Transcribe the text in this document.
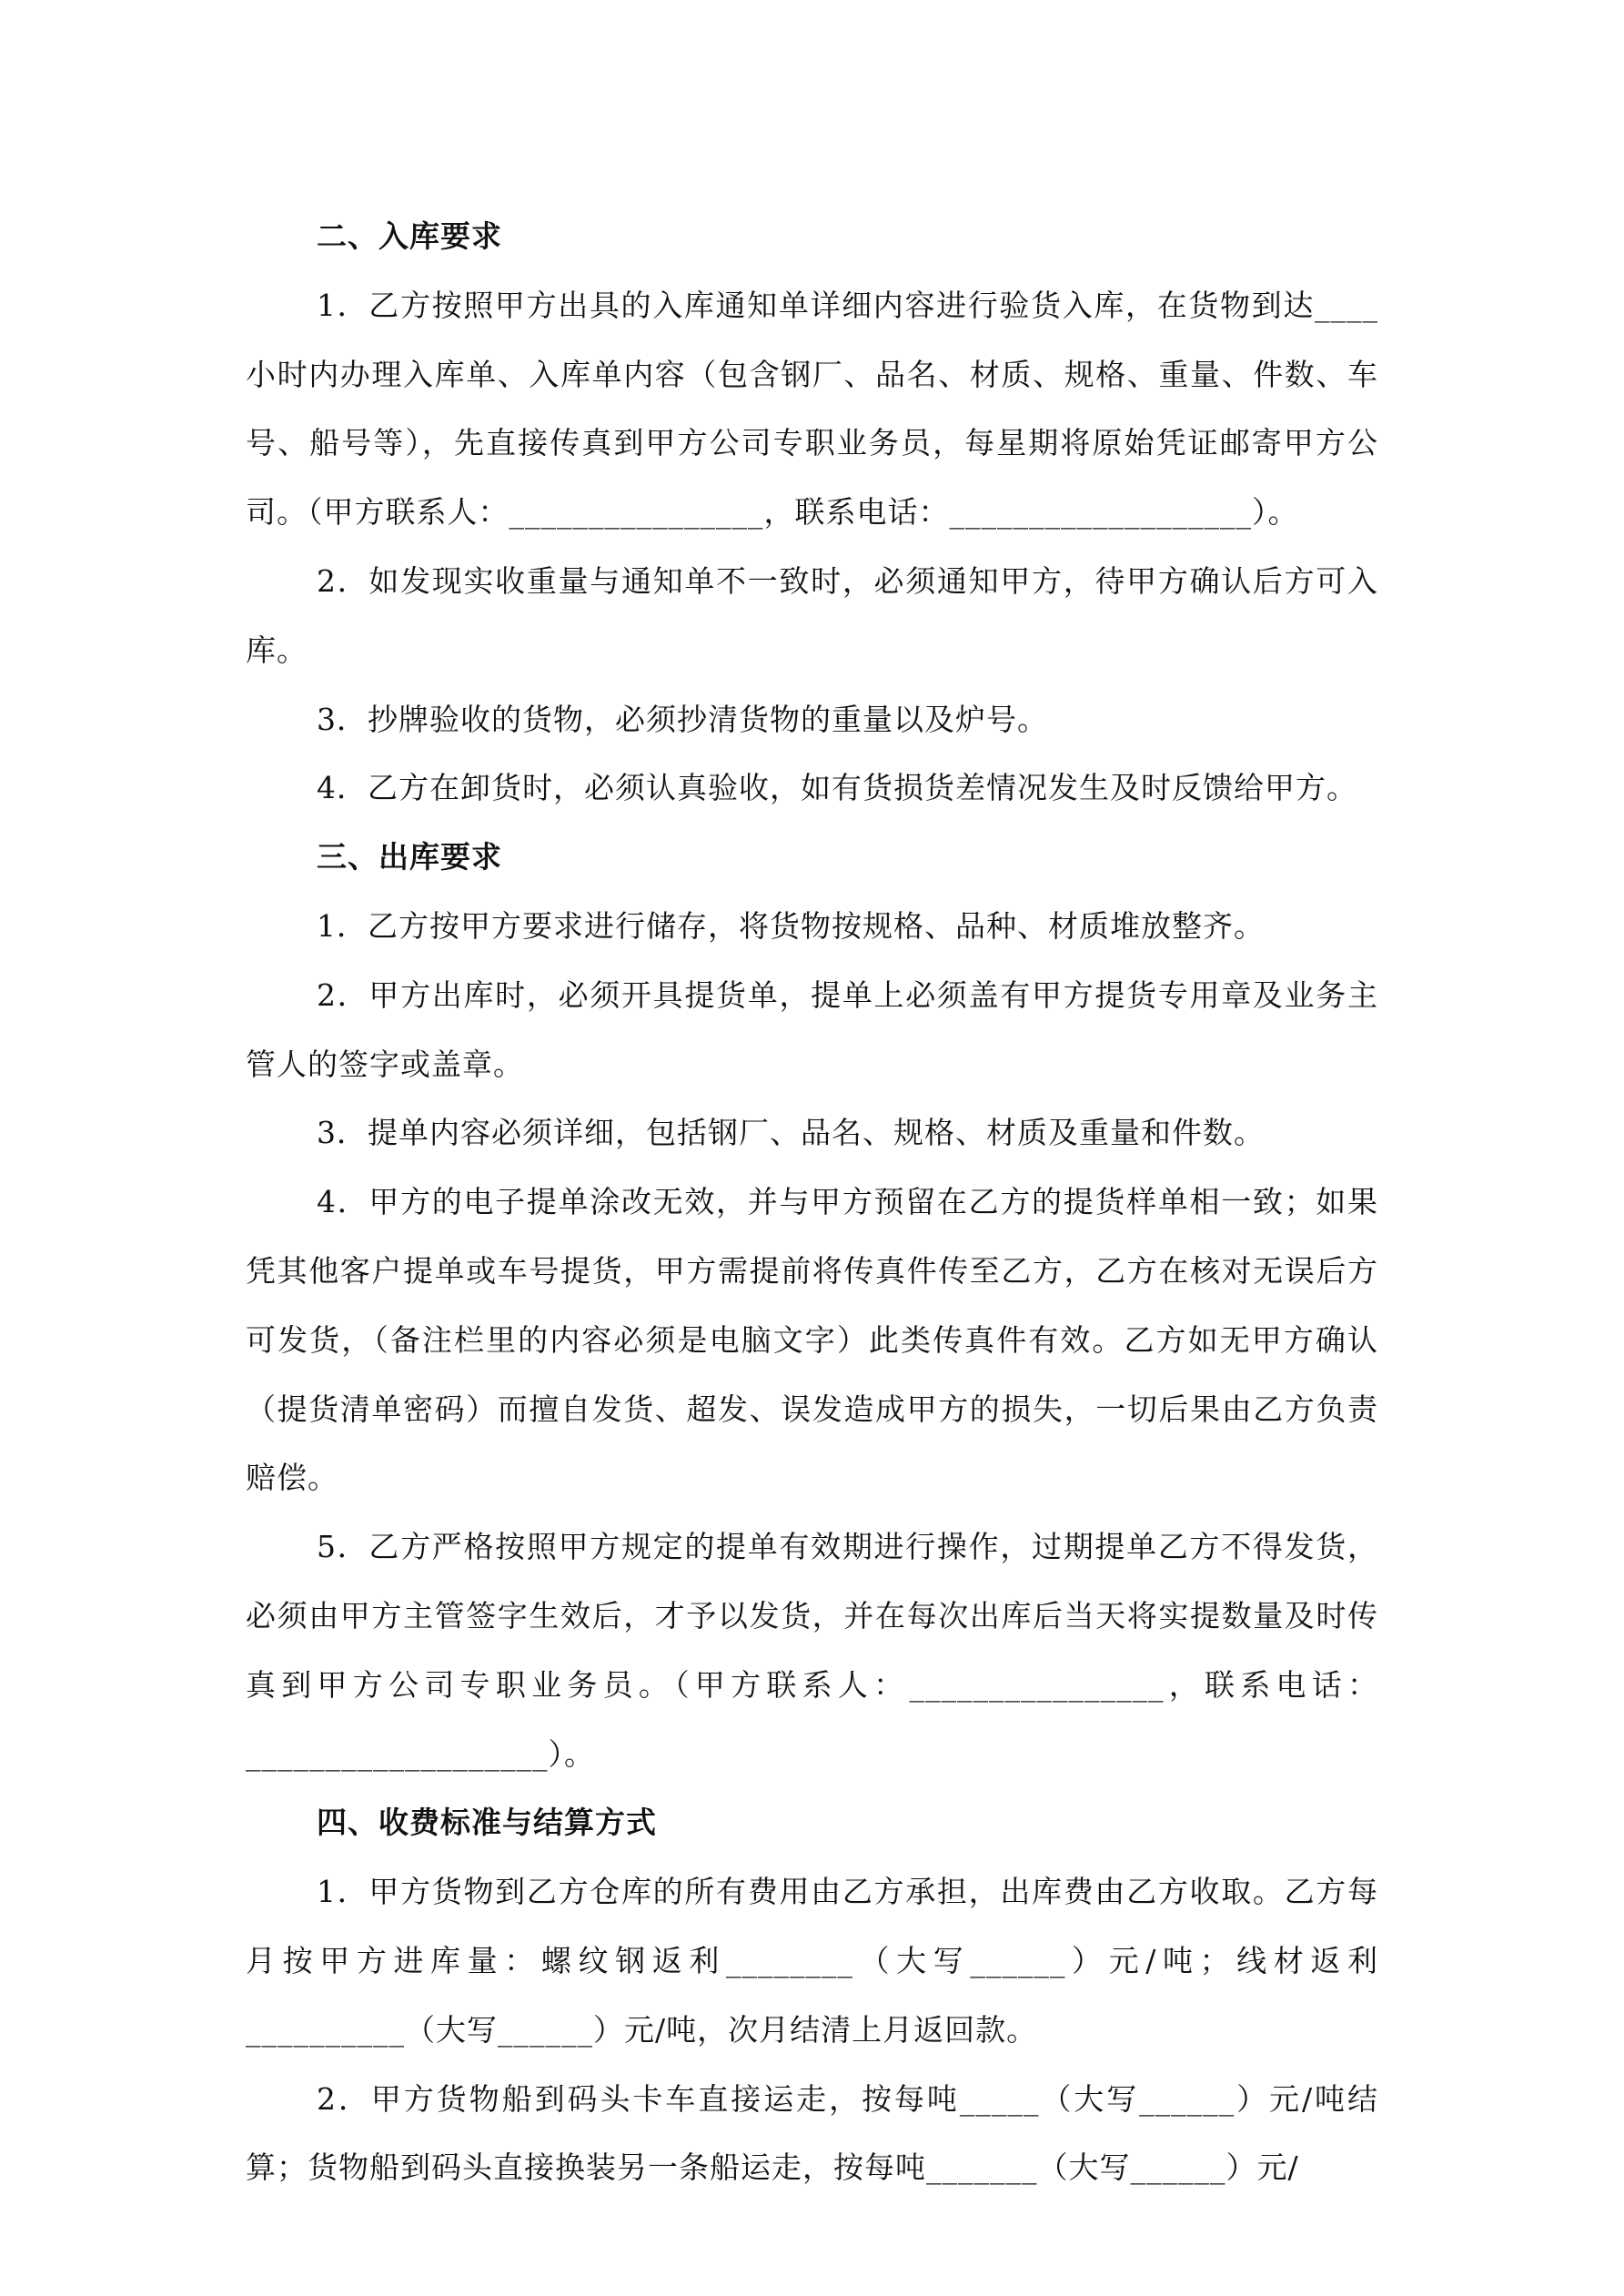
二、入库要求

1．乙方按照甲方出具的入库通知单详细内容进行验货入库，在货物到达____小时内办理入库单、入库单内容（包含钢厂、品名、材质、规格、重量、件数、车号、船号等），先直接传真到甲方公司专职业务员，每星期将原始凭证邮寄甲方公司。（甲方联系人：________________，联系电话：___________________）。

2．如发现实收重量与通知单不一致时，必须通知甲方，待甲方确认后方可入库。

3．抄牌验收的货物，必须抄清货物的重量以及炉号。

4．乙方在卸货时，必须认真验收，如有货损货差情况发生及时反馈给甲方。

三、出库要求

1．乙方按甲方要求进行储存，将货物按规格、品种、材质堆放整齐。

2．甲方出库时，必须开具提货单，提单上必须盖有甲方提货专用章及业务主管人的签字或盖章。

3．提单内容必须详细，包括钢厂、品名、规格、材质及重量和件数。

4．甲方的电子提单涂改无效，并与甲方预留在乙方的提货样单相一致；如果凭其他客户提单或车号提货，甲方需提前将传真件传至乙方，乙方在核对无误后方可发货，（备注栏里的内容必须是电脑文字）此类传真件有效。乙方如无甲方确认（提货清单密码）而擅自发货、超发、误发造成甲方的损失，一切后果由乙方负责赔偿。

5．乙方严格按照甲方规定的提单有效期进行操作，过期提单乙方不得发货，必须由甲方主管签字生效后，才予以发货，并在每次出库后当天将实提数量及时传真到甲方公司专职业务员。（甲方联系人：________________，联系电话：___________________）。

四、收费标准与结算方式

1．甲方货物到乙方仓库的所有费用由乙方承担，出库费由乙方收取。乙方每月按甲方进库量：螺纹钢返利________（大写______）元/吨；线材返利__________（大写______）元/吨，次月结清上月返回款。

2．甲方货物船到码头卡车直接运走，按每吨_____（大写______）元/吨结算；货物船到码头直接换装另一条船运走，按每吨_______（大写______）元/
